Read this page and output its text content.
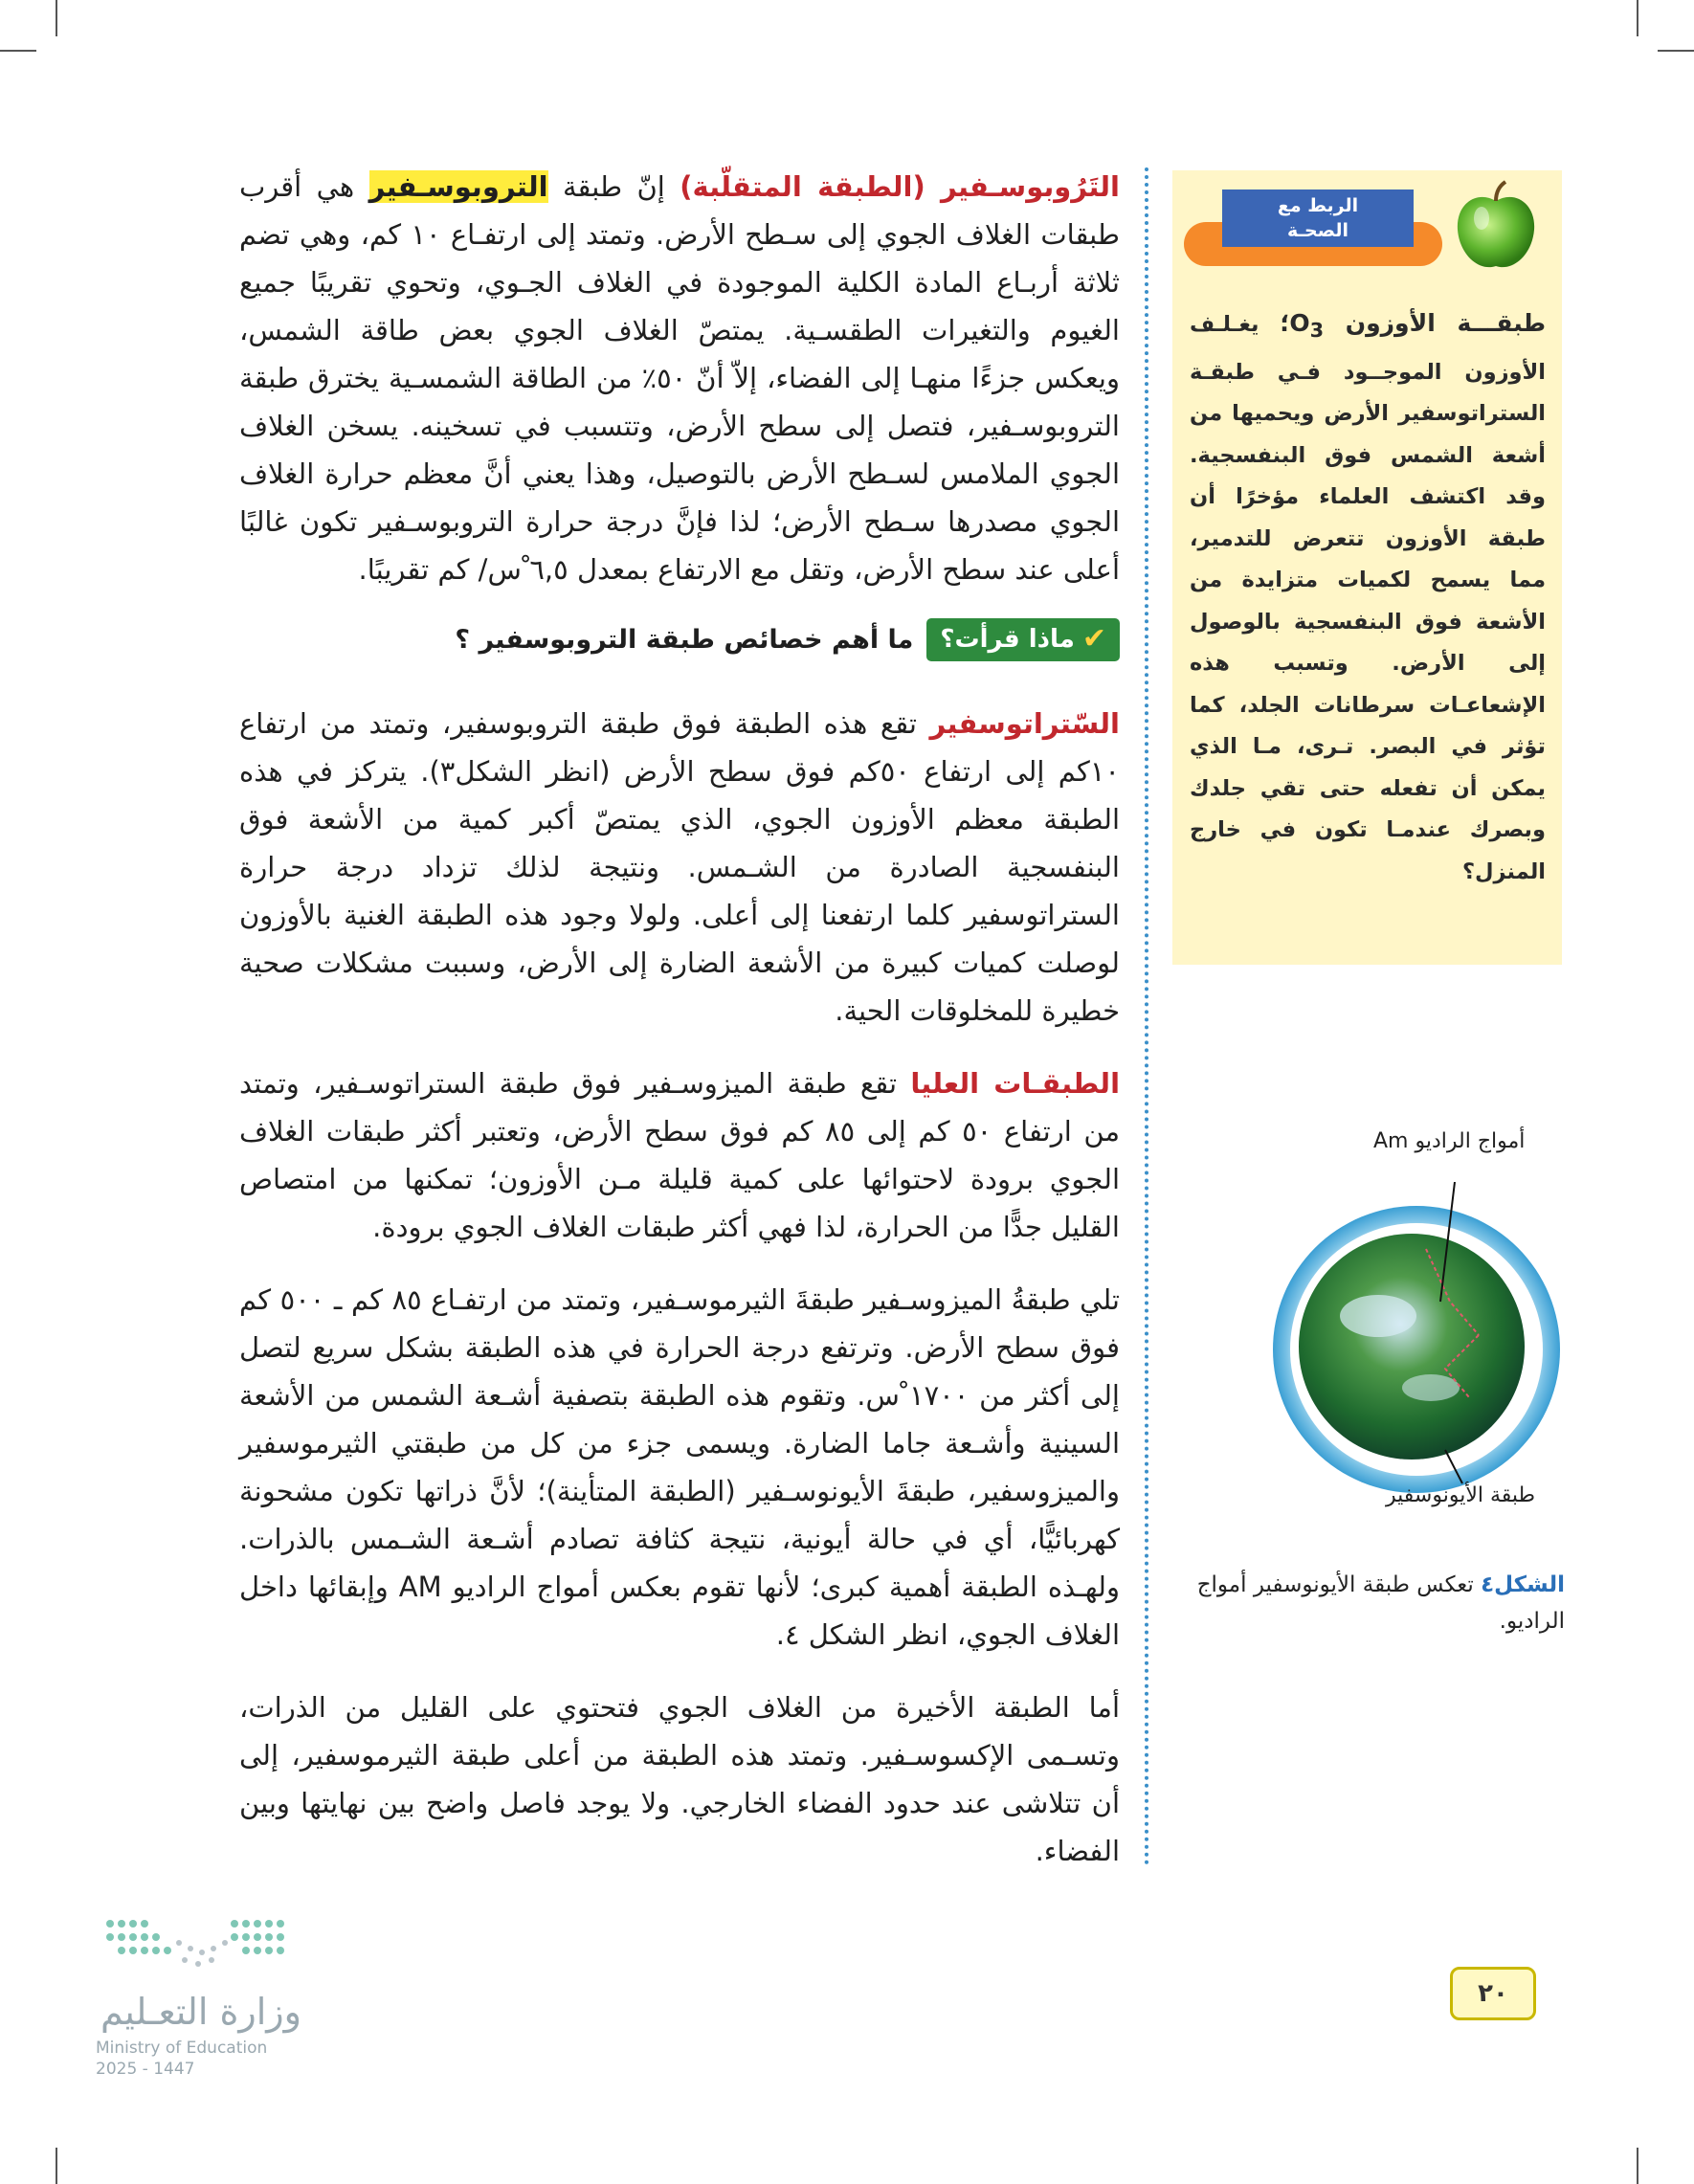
التَرُوبوسـفير (الطبقة المتقلّبة) إنّ طبقة التروبوسـفير هي أقرب طبقات الغلاف الجوي إلى سـطح الأرض. وتمتد إلى ارتفـاع ١٠ كم، وهي تضم ثلاثة أربـاع المادة الكلية الموجودة في الغلاف الجـوي، وتحوي تقريبًا جميع الغيوم والتغيرات الطقسـية. يمتصّ الغلاف الجوي بعض طاقة الشمس، ويعكس جزءًا منهـا إلى الفضاء، إلاّ أنّ ٥٠٪ من الطاقة الشمسـية يخترق طبقة التروبوسـفير، فتصل إلى سطح الأرض، وتتسبب في تسخينه. يسخن الغلاف الجوي الملامس لسـطح الأرض بالتوصيل، وهذا يعني أنَّ معظم حرارة الغلاف الجوي مصدرها سـطح الأرض؛ لذا فإنَّ درجة حرارة التروبوسـفير تكون غالبًا أعلى عند سطح الأرض، وتقل مع الارتفاع بمعدل ٦,٥ ْس/ كم تقريبًا.

✔
ماذا قرأت؟
ما أهم خصائص طبقة التروبوسفير ؟

السّتراتوسفير تقع هذه الطبقة فوق طبقة التروبوسفير، وتمتد من ارتفاع ١٠كم إلى ارتفاع ٥٠كم فوق سطح الأرض (انظر الشكل٣). يتركز في هذه الطبقة معظم الأوزون الجوي، الذي يمتصّ أكبر كمية من الأشعة فوق البنفسجية الصادرة من الشـمس. ونتيجة لذلك تزداد درجة حرارة الستراتوسفير كلما ارتفعنا إلى أعلى. ولولا وجود هذه الطبقة الغنية بالأوزون لوصلت كميات كبيرة من الأشعة الضارة إلى الأرض، وسببت مشكلات صحية خطيرة للمخلوقات الحية.

الطبقـات العليا تقع طبقة الميزوسـفير فوق طبقة الستراتوسـفير، وتمتد من ارتفاع ٥٠ كم إلى ٨٥ كم فوق سطح الأرض، وتعتبر أكثر طبقات الغلاف الجوي برودة لاحتوائها على كمية قليلة مـن الأوزون؛ تمكنها من امتصاص القليل جدًّا من الحرارة، لذا فهي أكثر طبقات الغلاف الجوي برودة.

تلي طبقةُ الميزوسـفير طبقةَ الثيرموسـفير، وتمتد من ارتفـاع ٨٥ كم ـ ٥٠٠ كم فوق سطح الأرض. وترتفع درجة الحرارة في هذه الطبقة بشكل سريع لتصل إلى أكثر من ١٧٠٠ ْس. وتقوم هذه الطبقة بتصفية أشـعة الشمس من الأشعة السينية وأشـعة جاما الضارة. ويسمى جزء من كل من طبقتي الثيرموسفير والميزوسفير، طبقةَ الأيونوسـفير (الطبقة المتأينة)؛ لأنَّ ذراتها تكون مشحونة كهربائيًّا، أي في حالة أيونية، نتيجة كثافة تصادم أشـعة الشـمس بالذرات. ولهـذه الطبقة أهمية كبرى؛ لأنها تقوم بعكس أمواج الراديو AM وإبقائها داخل الغلاف الجوي، انظر الشكل ٤.

أما الطبقة الأخيرة من الغلاف الجوي فتحتوي على القليل من الذرات، وتسـمى الإكسوسـفير. وتمتد هذه الطبقة من أعلى طبقة الثيرموسفير، إلى أن تتلاشى عند حدود الفضاء الخارجي. ولا يوجد فاصل واضح بين نهايتها وبين الفضاء.

الربط مع
الصحـة
طبقـــة الأوزون $O_3؛$ يغـلـف الأوزون الموجــود فـي طبقـة الستراتوسفير الأرض ويحميها من أشعة الشمس فوق البنفسجية. وقد اكتشف العلماء مؤخرًا أن طبقة الأوزون تتعرض للتدمير، مما يسمح لكميات متزايدة من الأشعة فوق البنفسجية بالوصول إلى الأرض. وتسبب هذه الإشعاعـات سرطانات الجلد، كما تؤثر في البصر. تـرى، مـا الذي يمكن أن تفعله حتى تقي جلدك وبصرك عندمـا تكون في خارج المنزل؟
أمواج الراديو Am
طبقة الأيونوسفير
الشكل٤ تعكس طبقة الأيونوسفير أمواج الراديو.
٢٠
وزارة التعـليم
Ministry of Education
2025 - 1447
